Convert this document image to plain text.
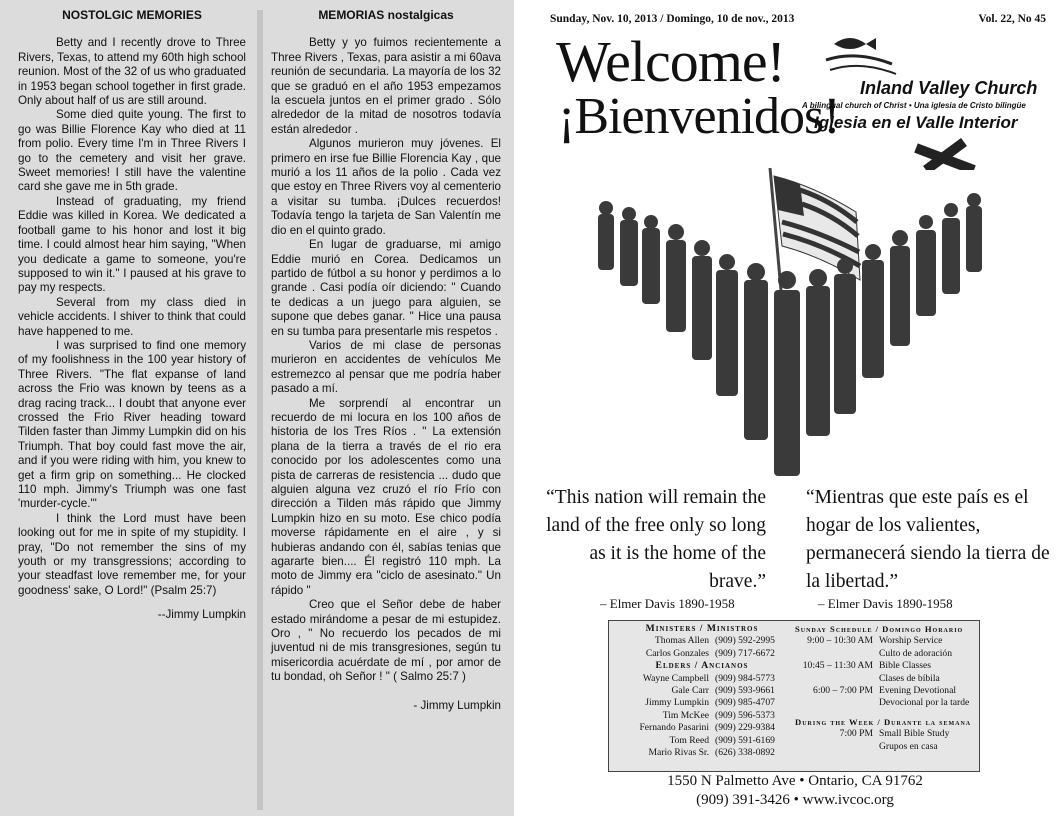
NOSTOLGIC MEMORIES

Betty and I recently drove to Three Rivers, Texas, to attend my 60th high school reunion. Most of the 32 of us who graduated in 1953 began school together in first grade. Only about half of us are still around.

Some died quite young. The first to go was Billie Florence Kay who died at 11 from polio. Every time I'm in Three Rivers I go to the cemetery and visit her grave. Sweet memories! I still have the valentine card she gave me in 5th grade.

Instead of graduating, my friend Eddie was killed in Korea. We dedicated a football game to his honor and lost it big time. I could almost hear him saying, "When you dedicate a game to someone, you're supposed to win it." I paused at his grave to pay my respects.

Several from my class died in vehicle accidents. I shiver to think that could have happened to me.

I was surprised to find one memory of my foolishness in the 100 year history of Three Rivers. "The flat expanse of land across the Frio was known by teens as a drag racing track... I doubt that anyone ever crossed the Frio River heading toward Tilden faster than Jimmy Lumpkin did on his Triumph. That boy could fast move the air, and if you were riding with him, you knew to get a firm grip on something... He clocked 110 mph. Jimmy's Triumph was one fast 'murder-cycle.'"

I think the Lord must have been looking out for me in spite of my stupidity. I pray, "Do not remember the sins of my youth or my transgressions; according to your steadfast love remember me, for your goodness' sake, O Lord!" (Psalm 25:7)

--Jimmy Lumpkin

MEMORIAS nostalgicas

Betty y yo fuimos recientemente a Three Rivers , Texas, para asistir a mi 60ava reunión de secundaria. La mayoría de los 32 que se graduó en el año 1953 empezamos la escuela juntos en el primer grado . Sólo alrededor de la mitad de nosotros todavía están alrededor .

Algunos murieron muy jóvenes. El primero en irse fue Billie Florencia Kay , que murió a los 11 años de la polio . Cada vez que estoy en Three Rivers voy al cementerio a visitar su tumba. ¡Dulces recuerdos! Todavía tengo la tarjeta de San Valentín me dio en el quinto grado.

En lugar de graduarse, mi amigo Eddie murió en Corea. Dedicamos un partido de fútbol a su honor y perdimos a lo grande . Casi podía oír diciendo: " Cuando te dedicas a un juego para alguien, se supone que debes ganar. " Hice una pausa en su tumba para presentarle mis respetos .

Varios de mi clase de personas murieron en accidentes de vehículos Me estremezco al pensar que me podría haber pasado a mí.

Me sorprendí al encontrar un recuerdo de mi locura en los 100 años de historia de los Tres Ríos . " La extensión plana de la tierra a través de el rio era conocido por los adolescentes como una pista de carreras de resistencia ... dudo que alguien alguna vez cruzó el río Frío con dirección a Tilden más rápido que Jimmy Lumpkin hizo en su moto. Ese chico podía moverse rápidamente en el aire , y si hubieras andando con él, sabías tenias que agararte bien.... Él registró 110 mph. La moto de Jimmy era "ciclo de asesinato." Un rápido "

Creo que el Señor debe de haber estado mirándome a pesar de mi estupidez. Oro , " No recuerdo los pecados de mi juventud ni de mis transgresiones, según tu misericordia acuérdate de mí , por amor de tu bondad, oh Señor ! " ( Salmo 25:7 )

- Jimmy Lumpkin

Sunday, Nov. 10, 2013 / Domingo, 10 de nov., 2013	Vol. 22, No 45
Welcome!
¡Bienvenidos! Inland Valley Church
A bilingual church of Christ • Una iglesia de Cristo bilingüe
Iglesia en el Valle Interior
“This nation will remain the land of the free only so long as it is the home of the brave.”
“Mientras que este país es el hogar de los valientes, permanecerá siendo la tierra de la libertad.”
– Elmer Davis 1890-1958	– Elmer Davis 1890-1958
Ministers / Ministros
Thomas Allen (909) 592-2995
Carlos Gonzales (909) 717-6672
Elders / Ancianos
Wayne Campbell (909) 984-5773
Gale Carr (909) 593-9661
Jimmy Lumpkin (909) 985-4707
Tim McKee (909) 596-5373
Fernando Pasarini (909) 229-9384
Tom Reed (909) 591-6169
Mario Rivas Sr. (626) 338-0892
Sunday Schedule / Domingo Horario
9:00 – 10:30 AM Worship Service
Culto de adoración
10:45 – 11:30 AM Bible Classes
Clases de bíbila
6:00 – 7:00 PM Evening Devotional
Devocional por la tarde
During the Week / Durante la semana
7:00 PM Small Bible Study
Grupos en casa
1550 N Palmetto Ave • Ontario, CA 91762
(909) 391-3426 • www.ivcoc.org
